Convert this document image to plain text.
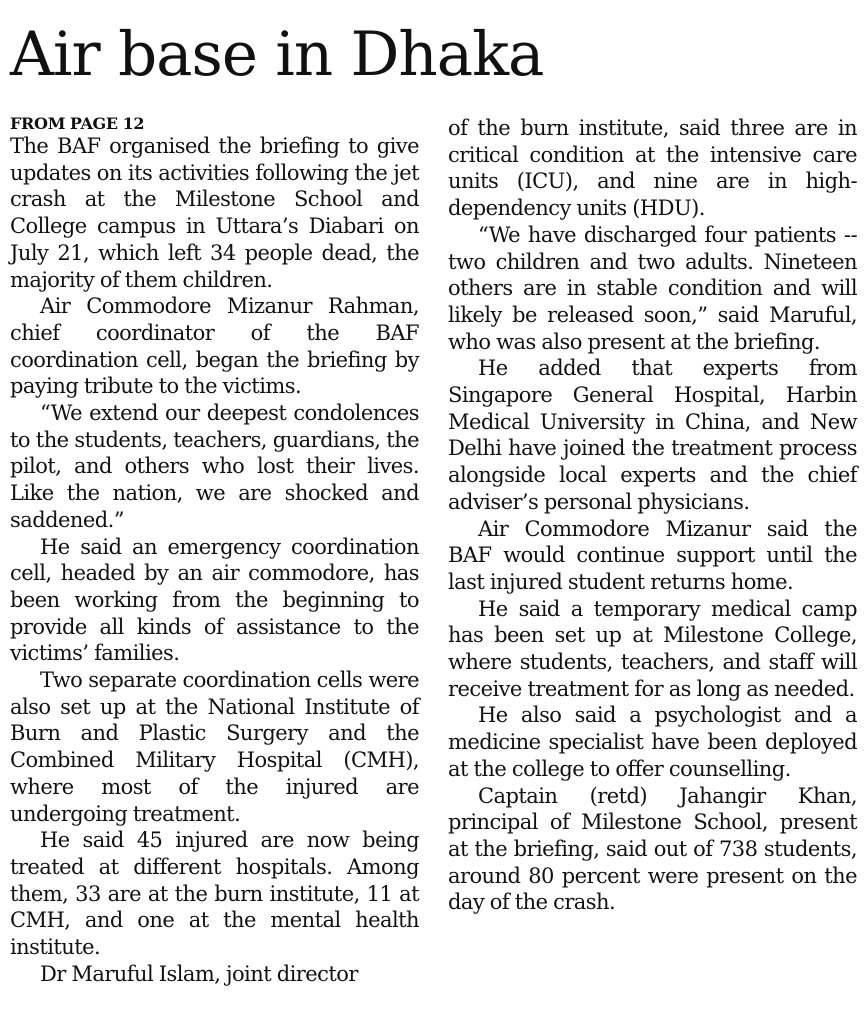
Air base in Dhaka
FROM PAGE 12

The BAF organised the briefing to give updates on its activities following the jet crash at the Milestone School and College campus in Uttara’s Diabari on July 21, which left 34 people dead, the majority of them children.

Air Commodore Mizanur Rahman, chief coordinator of the BAF coordination cell, began the briefing by paying tribute to the victims.

“We extend our deepest condolences to the students, teachers, guardians, the pilot, and others who lost their lives. Like the nation, we are shocked and saddened.”

He said an emergency coordination cell, headed by an air commodore, has been working from the beginning to provide all kinds of assistance to the victims’ families.

Two separate coordination cells were also set up at the National Institute of Burn and Plastic Surgery and the Combined Military Hospital (CMH), where most of the injured are undergoing treatment.

He said 45 injured are now being treated at different hospitals. Among them, 33 are at the burn institute, 11 at CMH, and one at the mental health institute.

Dr Maruful Islam, joint director

of the burn institute, said three are in critical condition at the intensive care units (ICU), and nine are in high-dependency units (HDU).

“We have discharged four patients -- two children and two adults. Nineteen others are in stable condition and will likely be released soon,” said Maruful, who was also present at the briefing.

He added that experts from Singapore General Hospital, Harbin Medical University in China, and New Delhi have joined the treatment process alongside local experts and the chief adviser’s personal physicians.

Air Commodore Mizanur said the BAF would continue support until the last injured student returns home.

He said a temporary medical camp has been set up at Milestone College, where students, teachers, and staff will receive treatment for as long as needed.

He also said a psychologist and a medicine specialist have been deployed at the college to offer counselling.

Captain (retd) Jahangir Khan, principal of Milestone School, present at the briefing, said out of 738 students, around 80 percent were present on the day of the crash.
